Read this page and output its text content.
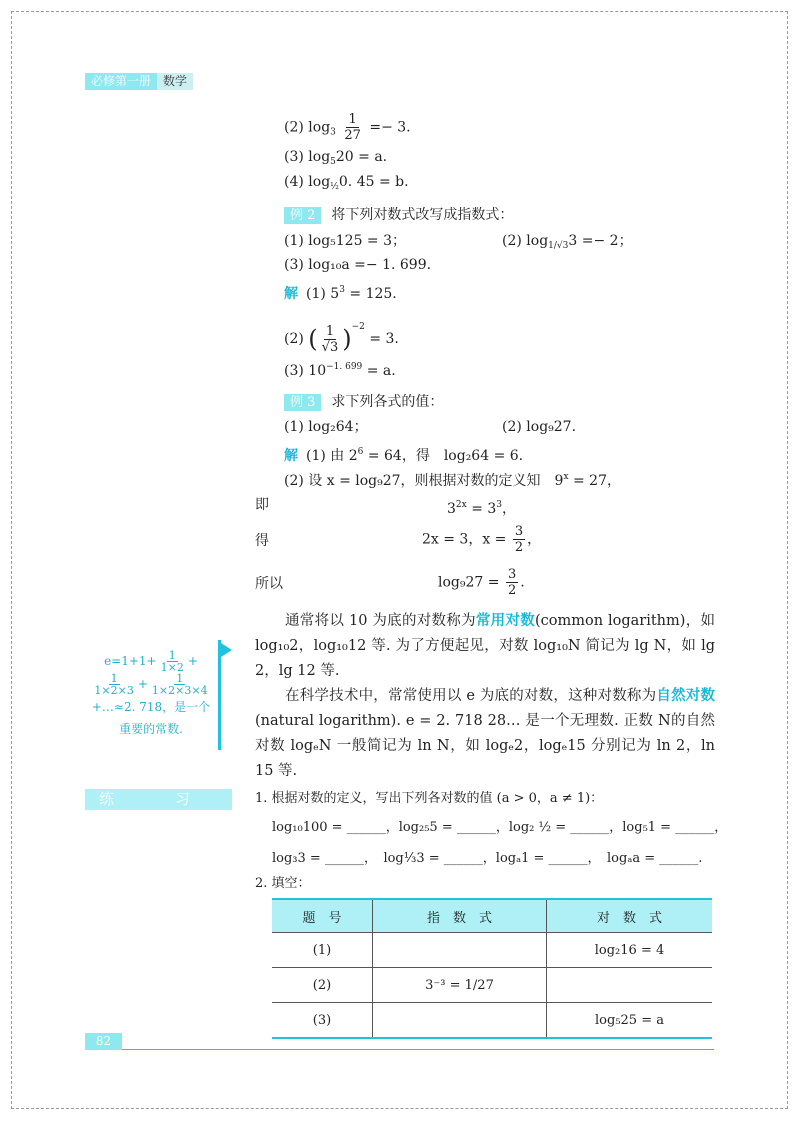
必修第一册	数学
(2) $\log_3 \frac{1}{27} =- 3$.
(3) $\log_520 = a$.
(4) $\log_{\frac{1}{2}}0$. 45 = b.
例 2 将下列对数式改写成指数式：
(1) log₅125 = 3；	(2) $\log_{1/√3}3 =- 2$；
(3) log₁₀a =− 1. 699.
解 (1) $5^3 = 125$.
(2) ( $\frac{1}{√3} )^{-2} = 3$.
(3) $10^{-1. 699} = a$.
例 3 求下列各式的值：
(1) log₂64；	(2) log₉27.
解 (1) 由 $2^6 = 64$，得　log₂64 = 6.
(2) 设 x = log₉27，则根据对数的定义知　$9^x = 27$，
即	$3^{2x} = 3^3$，
得	2x = 3，$x = \frac{3}{2}$ ，
所以	$\log_927 = \frac{3}{2}$ .
通常将以 10 为底的对数称为常用对数(common logarithm)，如 log₁₀2，log₁₀12 等. 为了方便起见，对数 log₁₀N 简记为 lg N，如 lg 2，lg 12 等.
在科学技术中，常常使用以 e 为底的对数，这种对数称为自然对数(natural logarithm). e = 2. 718 28… 是一个无理数. 正数 N的自然对数 logₑN 一般简记为 ln N，如 logₑ2，logₑ15 分别记为 ln 2，ln 15 等.
$e=1+1+ \frac{1}{1\times 2}$ +
$\frac{1}{1\times 2\times 3} + \frac{1}{1\times 2\times 3\times 4}$
+…≈2. 718，是一个
重要的常数.
练 习	1. 根据对数的定义，写出下列各对数的值 (a > 0，a ≠ 1)：
log₁₀100 = ______，log₂₅5 = ______，log₂ ½ = ______，log₅1 = ______，
log₃3 = ______，　log⅓3 = ______，logₐ1 = ______，　logₐa = ______.
2. 填空：
题　号	指　数　式	对　数　式
(1)		log₂16 = 4
(2)	3⁻³ = 1/27	
(3)		log₅25 = a
82
